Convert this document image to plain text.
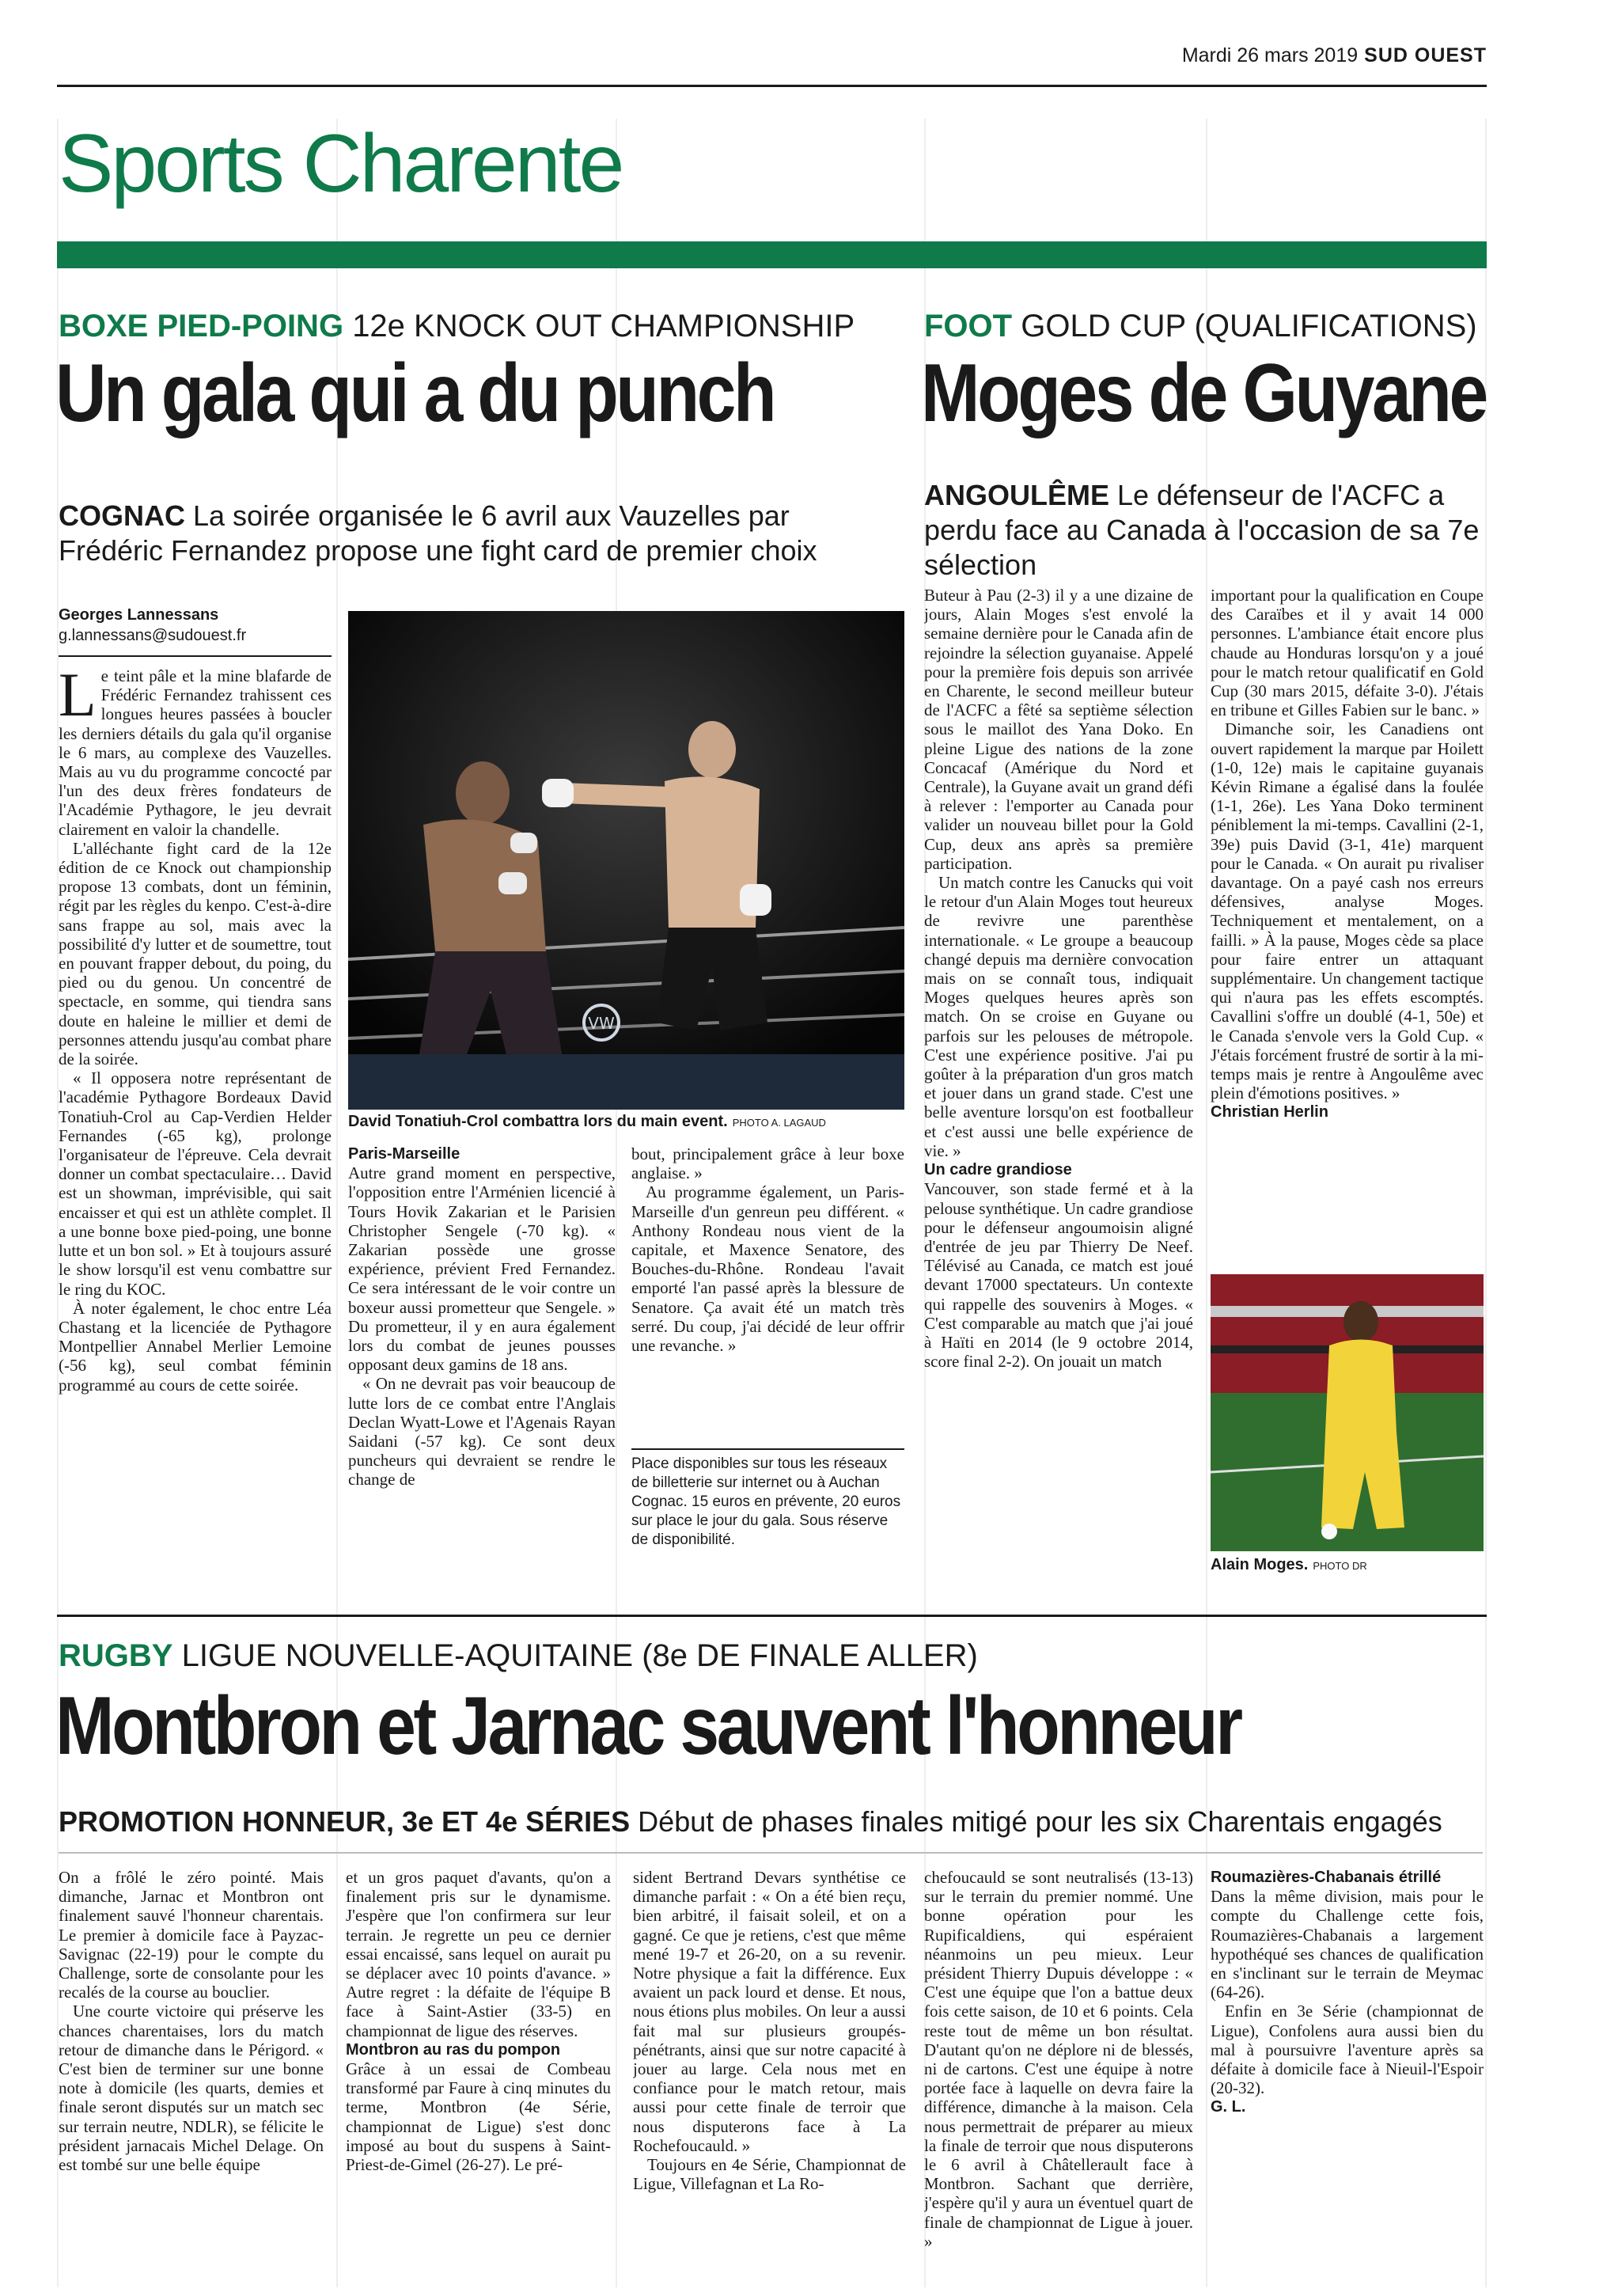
Mardi 26 mars 2019 SUD OUEST
Sports Charente
BOXE PIED-POING 12e KNOCK OUT CHAMPIONSHIP
Un gala qui a du punch
COGNAC La soirée organisée le 6 avril aux Vauzelles par Frédéric Fernandez propose une fight card de premier choix
Georges Lannessans
g.lannessans@sudouest.fr

Le teint pâle et la mine blafarde de Frédéric Fernandez trahissent ces longues heures passées à boucler les derniers détails du gala qu'il organise le 6 mars, au complexe des Vauzelles. Mais au vu du programme concocté par l'un des deux frères fondateurs de l'Académie Pythagore, le jeu devrait clairement en valoir la chandelle.

L'alléchante fight card de la 12e édition de ce Knock out championship propose 13 combats, dont un féminin, régit par les règles du kenpo. C'est-à-dire sans frappe au sol, mais avec la possibilité d'y lutter et de soumettre, tout en pouvant frapper debout, du poing, du pied ou du genou. Un concentré de spectacle, en somme, qui tiendra sans doute en haleine le millier et demi de personnes attendu jusqu'au combat phare de la soirée.

« Il opposera notre représentant de l'académie Pythagore Bordeaux David Tonatiuh-Crol au Cap-Verdien Helder Fernandes (-65 kg), prolonge l'organisateur de l'épreuve. Cela devrait donner un combat spectaculaire… David est un showman, imprévisible, qui sait encaisser et qui est un athlète complet. Il a une bonne boxe pied-poing, une bonne lutte et un bon sol. » Et à toujours assuré le show lorsqu'il est venu combattre sur le ring du KOC.

À noter également, le choc entre Léa Chastang et la licenciée de Pythagore Montpellier Annabel Merlier Lemoine (-56 kg), seul combat féminin programmé au cours de cette soirée.

VW
David Tonatiuh-Crol combattra lors du main event. PHOTO A. LAGAUD

Paris-Marseille

Autre grand moment en perspective, l'opposition entre l'Arménien licencié à Tours Hovik Zakarian et le Parisien Christopher Sengele (-70 kg). « Zakarian possède une grosse expérience, prévient Fred Fernandez. Ce sera intéressant de le voir contre un boxeur aussi prometteur que Sengele. » Du prometteur, il y en aura également lors du combat de jeunes pousses opposant deux gamins de 18 ans.

« On ne devrait pas voir beaucoup de lutte lors de ce combat entre l'Anglais Declan Wyatt-Lowe et l'Agenais Rayan Saidani (-57 kg). Ce sont deux puncheurs qui devraient se rendre le change de

bout, principalement grâce à leur boxe anglaise. »

Au programme également, un Paris-Marseille d'un genreun peu différent. « Anthony Rondeau nous vient de la capitale, et Maxence Senatore, des Bouches-du-Rhône. Rondeau l'avait emporté l'an passé après la blessure de Senatore. Ça avait été un match très serré. Du coup, j'ai décidé de leur offrir une revanche. »

Place disponibles sur tous les réseaux de billetterie sur internet ou à Auchan Cognac. 15 euros en prévente, 20 euros sur place le jour du gala. Sous réserve de disponibilité.
FOOT GOLD CUP (QUALIFICATIONS)
Moges de Guyane
ANGOULÊME Le défenseur de l'ACFC a perdu face au Canada à l'occasion de sa 7e sélection

Buteur à Pau (2-3) il y a une dizaine de jours, Alain Moges s'est envolé la semaine dernière pour le Canada afin de rejoindre la sélection guyanaise. Appelé pour la première fois depuis son arrivée en Charente, le second meilleur buteur de l'ACFC a fêté sa septième sélection sous le maillot des Yana Doko. En pleine Ligue des nations de la zone Concacaf (Amérique du Nord et Centrale), la Guyane avait un grand défi à relever : l'emporter au Canada pour valider un nouveau billet pour la Gold Cup, deux ans après sa première participation.

Un match contre les Canucks qui voit le retour d'un Alain Moges tout heureux de revivre une parenthèse internationale. « Le groupe a beaucoup changé depuis ma dernière convocation mais on se connaît tous, indiquait Moges quelques heures après son match. On se croise en Guyane ou parfois sur les pelouses de métropole. C'est une expérience positive. J'ai pu goûter à la préparation d'un gros match et jouer dans un grand stade. C'est une belle aventure lorsqu'on est footballeur et c'est aussi une belle expérience de vie. »

Un cadre grandiose

Vancouver, son stade fermé et à la pelouse synthétique. Un cadre grandiose pour le défenseur angoumoisin aligné d'entrée de jeu par Thierry De Neef. Télévisé au Canada, ce match est joué devant 17000 spectateurs. Un contexte qui rappelle des souvenirs à Moges. « C'est comparable au match que j'ai joué à Haïti en 2014 (le 9 octobre 2014, score final 2-2). On jouait un match

important pour la qualification en Coupe des Caraïbes et il y avait 14 000 personnes. L'ambiance était encore plus chaude au Honduras lorsqu'on y a joué pour le match retour qualificatif en Gold Cup (30 mars 2015, défaite 3-0). J'étais en tribune et Gilles Fabien sur le banc. »

Dimanche soir, les Canadiens ont ouvert rapidement la marque par Hoilett (1-0, 12e) mais le capitaine guyanais Kévin Rimane a égalisé dans la foulée (1-1, 26e). Les Yana Doko terminent péniblement la mi-temps. Cavallini (2-1, 39e) puis David (3-1, 41e) marquent pour le Canada. « On aurait pu rivaliser davantage. On a payé cash nos erreurs défensives, analyse Moges. Techniquement et mentalement, on a failli. » À la pause, Moges cède sa place pour faire entrer un attaquant supplémentaire. Un changement tactique qui n'aura pas les effets escomptés. Cavallini s'offre un doublé (4-1, 50e) et le Canada s'envole vers la Gold Cup. « J'étais forcément frustré de sortir à la mi-temps mais je rentre à Angoulême avec plein d'émotions positives. »

Christian Herlin

Alain Moges. PHOTO DR
RUGBY LIGUE NOUVELLE-AQUITAINE (8e DE FINALE ALLER)
Montbron et Jarnac sauvent l'honneur
PROMOTION HONNEUR, 3e ET 4e SÉRIES Début de phases finales mitigé pour les six Charentais engagés

On a frôlé le zéro pointé. Mais dimanche, Jarnac et Montbron ont finalement sauvé l'honneur charentais. Le premier à domicile face à Payzac-Savignac (22-19) pour le compte du Challenge, sorte de consolante pour les recalés de la course au bouclier.

Une courte victoire qui préserve les chances charentaises, lors du match retour de dimanche dans le Périgord. « C'est bien de terminer sur une bonne note à domicile (les quarts, demies et finale seront disputés sur un match sec sur terrain neutre, NDLR), se félicite le président jarnacais Michel Delage. On est tombé sur une belle équipe

et un gros paquet d'avants, qu'on a finalement pris sur le dynamisme. J'espère que l'on confirmera sur leur terrain. Je regrette un peu ce dernier essai encaissé, sans lequel on aurait pu se déplacer avec 10 points d'avance. » Autre regret : la défaite de l'équipe B face à Saint-Astier (33-5) en championnat de ligue des réserves.

Montbron au ras du pompon

Grâce à un essai de Combeau transformé par Faure à cinq minutes du terme, Montbron (4e Série, championnat de Ligue) s'est donc imposé au bout du suspens à Saint-Priest-de-Gimel (26-27). Le pré-

sident Bertrand Devars synthétise ce dimanche parfait : « On a été bien reçu, bien arbitré, il faisait soleil, et on a gagné. Ce que je retiens, c'est que même mené 19-7 et 26-20, on a su revenir. Notre physique a fait la différence. Eux avaient un pack lourd et dense. Et nous, nous étions plus mobiles. On leur a aussi fait mal sur plusieurs groupés-pénétrants, ainsi que sur notre capacité à jouer au large. Cela nous met en confiance pour le match retour, mais aussi pour cette finale de terroir que nous disputerons face à La Rochefoucauld. »

Toujours en 4e Série, Championnat de Ligue, Villefagnan et La Ro-

chefoucauld se sont neutralisés (13-13) sur le terrain du premier nommé. Une bonne opération pour les Rupificaldiens, qui espéraient néanmoins un peu mieux. Leur président Thierry Dupuis développe : « C'est une équipe que l'on a battue deux fois cette saison, de 10 et 6 points. Cela reste tout de même un bon résultat. D'autant qu'on ne déplore ni de blessés, ni de cartons. C'est une équipe à notre portée face à laquelle on devra faire la différence, dimanche à la maison. Cela nous permettrait de préparer au mieux la finale de terroir que nous disputerons le 6 avril à Châtellerault face à Montbron. Sachant que derrière, j'espère qu'il y aura un éventuel quart de finale de championnat de Ligue à jouer. »

Roumazières-Chabanais étrillé

Dans la même division, mais pour le compte du Challenge cette fois, Roumazières-Chabanais a largement hypothéqué ses chances de qualification en s'inclinant sur le terrain de Meymac (64-26).

Enfin en 3e Série (championnat de Ligue), Confolens aura aussi bien du mal à poursuivre l'aventure après sa défaite à domicile face à Nieuil-l'Espoir (20-32).

G. L.
